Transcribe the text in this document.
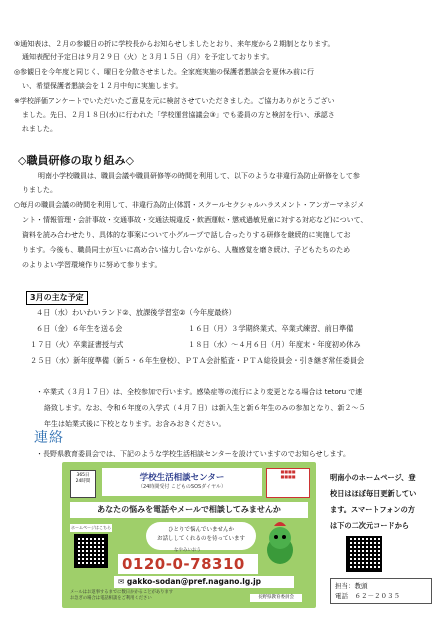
⑤通知表は、２月の参観日の折に学校長からお知らせしましたとおり、来年度から２期制となります。
通知表配付予定日は９月２９日（火）と３月１５日（月）を予定しております。
◎参観日を今年度と同じく、曜日を分散させました。全家庭実施の保護者懇談会を夏休み前に行
い、希望保護者懇談会を１２月中旬に実施します。
※学校評価アンケートでいただいたご意見を元に検討させていただきました。ご協力ありがとうござい
ました。先日、２月１８日(水)に行われた「学校運営協議会③」でも委員の方と検討を行い、承認さ
れました。
◇職員研修の取り組み◇
明南小学校職員は、職員会議や職員研修等の時間を利用して、以下のような非違行為防止研修をして参
りました。
○毎月の職員会議の時間を利用して、非違行為防止(体罰・スクールセクシャルハラスメント・アンガーマネジメ
ント・情報管理・会計事故・交通事故・交通法規違反・飲酒運転・懲戒過敏児童に対する対応など)について、
資料を読み合わせたり、具体的な事案について小グループで話し合ったりする研修を継続的に実施してお
ります。今後も、職員同士が互いに高め合い協力し合いながら、人権感覚を磨き続け、子どもたちのため
のよりよい学習環境作りに努めて参ります。
3月の主な予定
４日（水）わいわいランド②、放課後学習室②（今年度最終）
６日（金）６年生を送る会	１６日（月）３学期終業式、卒業式練習、前日準備
１７日（火）卒業証書授与式	１８日（水）～４月６日（月）年度末・年度初め休み
２５日（水）新年度準備（新５・６年生登校）、ＰＴＡ会計監査・ＰＴＡ総役員会・引き継ぎ常任委員会
・卒業式（３月１７日）は、全校参加で行います。感染症等の流行により変更となる場合は tetoru で連
絡致します。なお、令和６年度の入学式（４月７日）は新入生と新６年生のみの参加となり、新２～５
年生は始業式後に下校となります。お含みおきください。
連絡
・長野県教育委員会では、下記のような学校生活相談センターを設けていますのでお知らせします。
365日
24時間	学校生活相談センター
（24時間受付 こどものSOSダイヤル）
■■■■
■■■■
あなたの悩みを電話やメールで相談してみませんか
ひとりで悩んでいませんか
お話ししてくれるのを待っています
ホームページはこちら
なやみいおう
0120-0-78310
✉ gakko-sodan@pref.nagano.lg.jp
メールはお返事するまでに数日かかることがあります
お急ぎの場合は電話相談をご利用ください	長野県教育委員会
明南小のホームページ、登
校日はほぼ毎日更新してい
ます。スマートフォンの方
は下の二次元コードから
担当：教頭
電話　６２－２０３５
